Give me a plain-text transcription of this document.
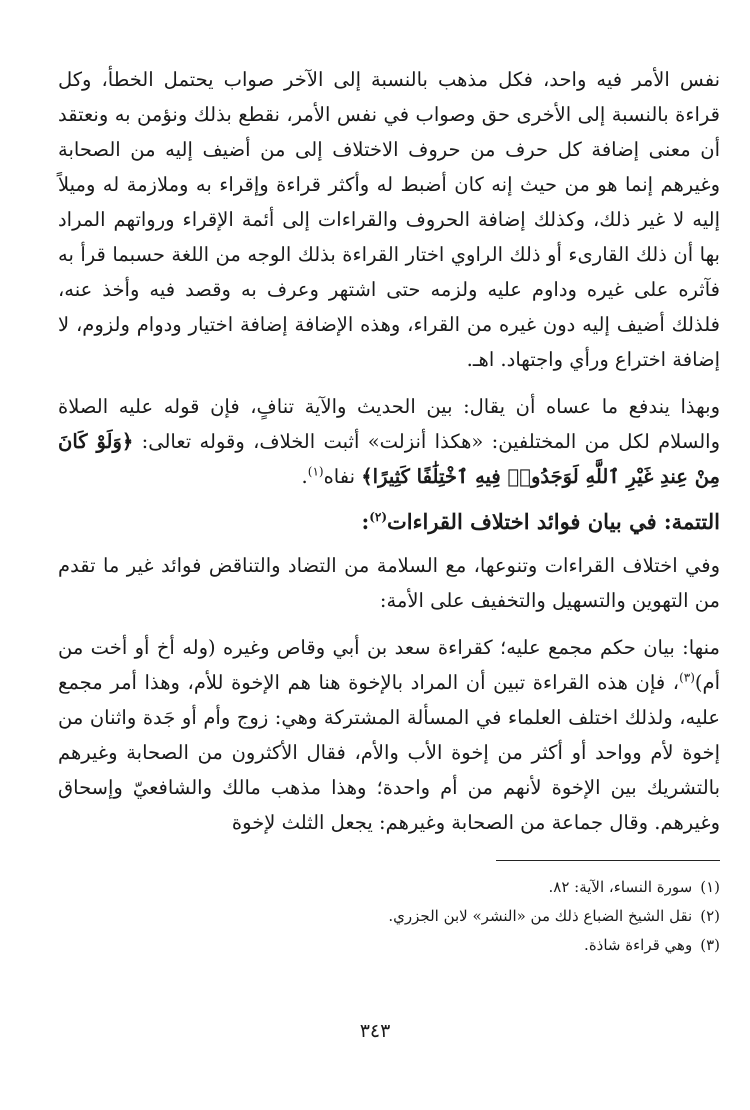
نفس الأمر فيه واحد، فكل مذهب بالنسبة إلى الآخر صواب يحتمل الخطأ، وكل قراءة بالنسبة إلى الأخرى حق وصواب في نفس الأمر، نقطع بذلك ونؤمن به ونعتقد أن معنى إضافة كل حرف من حروف الاختلاف إلى من أضيف إليه من الصحابة وغيرهم إنما هو من حيث إنه كان أضبط له وأكثر قراءة وإقراء به وملازمة له وميلاً إليه لا غير ذلك، وكذلك إضافة الحروف والقراءات إلى أئمة الإقراء ورواتهم المراد بها أن ذلك القارىء أو ذلك الراوي اختار القراءة بذلك الوجه من اللغة حسبما قرأ به فآثره على غيره وداوم عليه ولزمه حتى اشتهر وعرف به وقصد فيه وأخذ عنه، فلذلك أضيف إليه دون غيره من القراء، وهذه الإضافة إضافة اختيار ودوام ولزوم، لا إضافة اختراع ورأي واجتهاد. اهـ.

وبهذا يندفع ما عساه أن يقال: بين الحديث والآية تنافٍ، فإن قوله عليه الصلاة والسلام لكل من المختلفين: «هكذا أنزلت» أثبت الخلاف، وقوله تعالى: ﴿وَلَوْ كَانَ مِنْ عِندِ غَيْرِ ٱللَّهِ لَوَجَدُوا۟ فِيهِ ٱخْتِلَٰفًا كَثِيرًا﴾ نفاه$^{(١)}$.

التتمة: في بيان فوائد اختلاف القراءات$^{(٢)}$:

وفي اختلاف القراءات وتنوعها، مع السلامة من التضاد والتناقض فوائد غير ما تقدم من التهوين والتسهيل والتخفيف على الأمة:

منها: بيان حكم مجمع عليه؛ كقراءة سعد بن أبي وقاص وغيره (وله أخ أو أخت من أم)$^{(٣)}$، فإن هذه القراءة تبين أن المراد بالإخوة هنا هم الإخوة للأم، وهذا أمر مجمع عليه، ولذلك اختلف العلماء في المسألة المشتركة وهي: زوج وأم أو جَدة واثنان من إخوة لأم وواحد أو أكثر من إخوة الأب والأم، فقال الأكثرون من الصحابة وغيرهم بالتشريك بين الإخوة لأنهم من أم واحدة؛ وهذا مذهب مالك والشافعيّ وإسحاق وغيرهم. وقال جماعة من الصحابة وغيرهم: يجعل الثلث لإخوة

(١)سورة النساء، الآية: ٨٢.
(٢)نقل الشيخ الضباع ذلك من «النشر» لابن الجزري.
(٣)وهي قراءة شاذة.
٣٤٣
